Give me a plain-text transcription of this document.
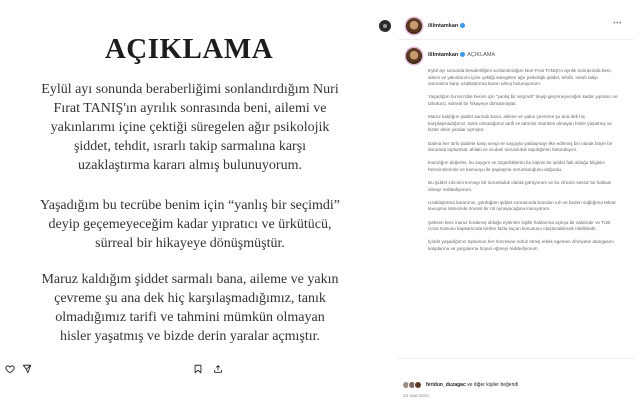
AÇIKLAMA
Eylül ayı sonunda beraberliğimi sonlandırdığım Nuri Fırat TANIŞ'ın ayrılık sonrasında beni, ailemi ve yakınlarımı içine çektiği süregelen ağır psikolojik şiddet, tehdit, ısrarlı takip sarmalına karşı uzaklaştırma kararı almış bulunuyorum.
Yaşadığım bu tecrübe benim için “yanlış bir seçimdi” deyip geçemeyeceğim kadar yıpratıcı ve ürkütücü, sürreal bir hikayeye dönüşmüştür.
Maruz kaldığım şiddet sarmalı bana, aileme ve yakın çevreme şu ana dek hiç karşılaşmadığımız, tanık olmadığımız tarifi ve tahmini mümkün olmayan hisler yaşatmış ve bizde derin yaralar açmıştır.
ililmtamkan	•••
ililmtamkan AÇIKLAMA

Eylül ayı sonunda beraberliğimi sonlandırdığım Nuri Fırat TANIŞ'ın ayrılık sonrasında beni, ailemi ve yakınlarımı içine çektiği süregelen ağır psikolojik şiddet, tehdit, ısrarlı takip sarmalına karşı uzaklaştırma kararı almış bulunuyorum.

Yaşadığım bu tecrübe benim için "yanlış bir seçimdi" deyip geçemeyeceğim kadar yıpratıcı ve ürkütücü, sürreal bir hikayeye dönüşmüştür.

Maruz kaldığım şiddet sarmalı bana, aileme ve yakın çevreme şu ana dek hiç karşılaşmadığımız, tanık olmadığımız tarifi ve tahmini mümkün olmayan hisler yaşatmış ve bizde derin yaralar açmıştır.

Daima her türlü şiddete karşı sevgi ve saygıyla yaklaşmayı ilke edinmiş biri olarak böyle bir durumda toplumsal, ahlaki ve vicdani sorumluluk taşıdığımın farkındayım.

İnandığım değerler, bu saygım ve özgürlüklerim bu kişinin bir şiddet faili olduğu bilgisini hemcinslerimle ve kamuoyu ile paylaşma sorumluluğunu doğurdu.

Bu şiddet zincirini kırmayı bir sorumluluk olarak görüyorum ve bu zincirin sessiz bir halkası olmayı reddediyorum.

Uzaklaştırma kararımın, gördüğüm şiddet sonrasında bozulan ruh ve beden sağlığıma tekrar kavuşma sürecinde önemli bir rol oynayacağına inanıyorum.

Şahsen beni maruz bırakmış olduğu eylemler kişilik haklarıma açıkça bir saldırıdır ve Türk Ceza Kanunu kapsamında birden fazla suçun konusunu oluşturabilecek niteliktedir.

İçinde yaşadığımız toplumun her hücresine nüfuz etmiş erkek egemen zihniyetin damgasını kalıplarına ve yargılarına boyun eğmeyi reddediyorum.

feridun_duzagac ve diğer kişiler beğendi
10 saat önce
